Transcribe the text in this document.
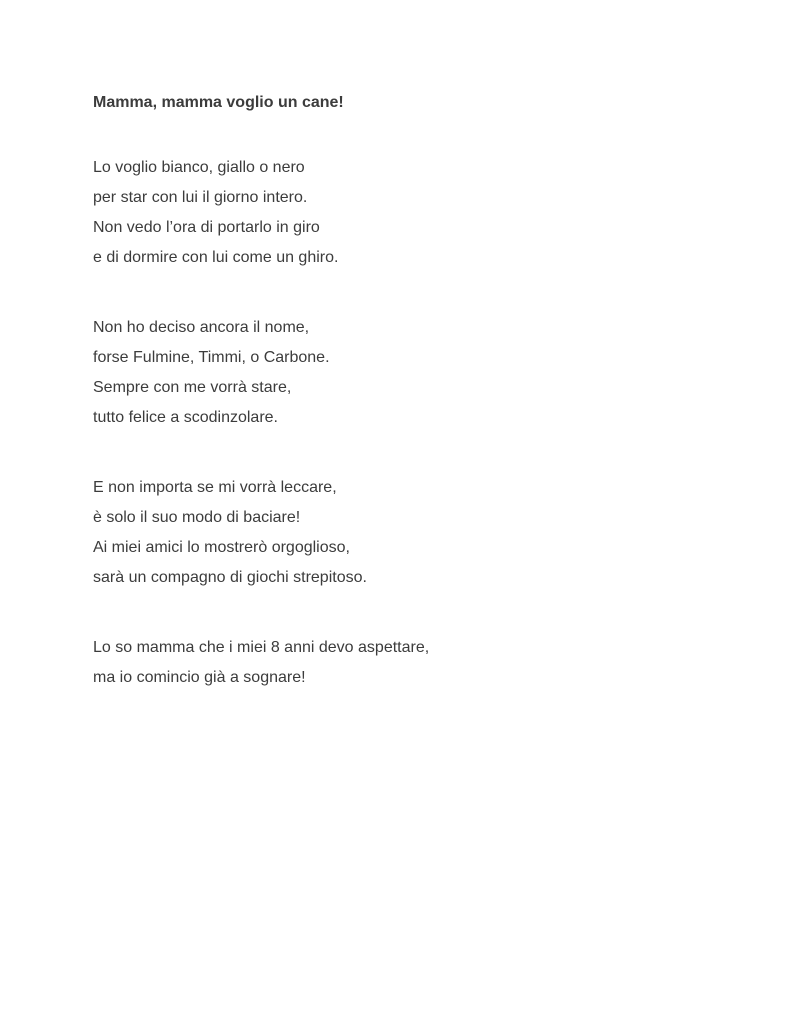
Mamma, mamma voglio un cane!
Lo voglio bianco, giallo o nero
per star con lui il giorno intero.
Non vedo l’ora di portarlo in giro
e di dormire con lui come un ghiro.
Non ho deciso ancora il nome,
forse Fulmine, Timmi, o Carbone.
Sempre con me vorrà stare,
tutto felice a scodinzolare.
E non importa se mi vorrà leccare,
è solo il suo modo di baciare!
Ai miei amici lo mostrerò orgoglioso,
sarà un compagno di giochi strepitoso.
Lo so mamma che i miei 8 anni devo aspettare,
ma io comincio già a sognare!
